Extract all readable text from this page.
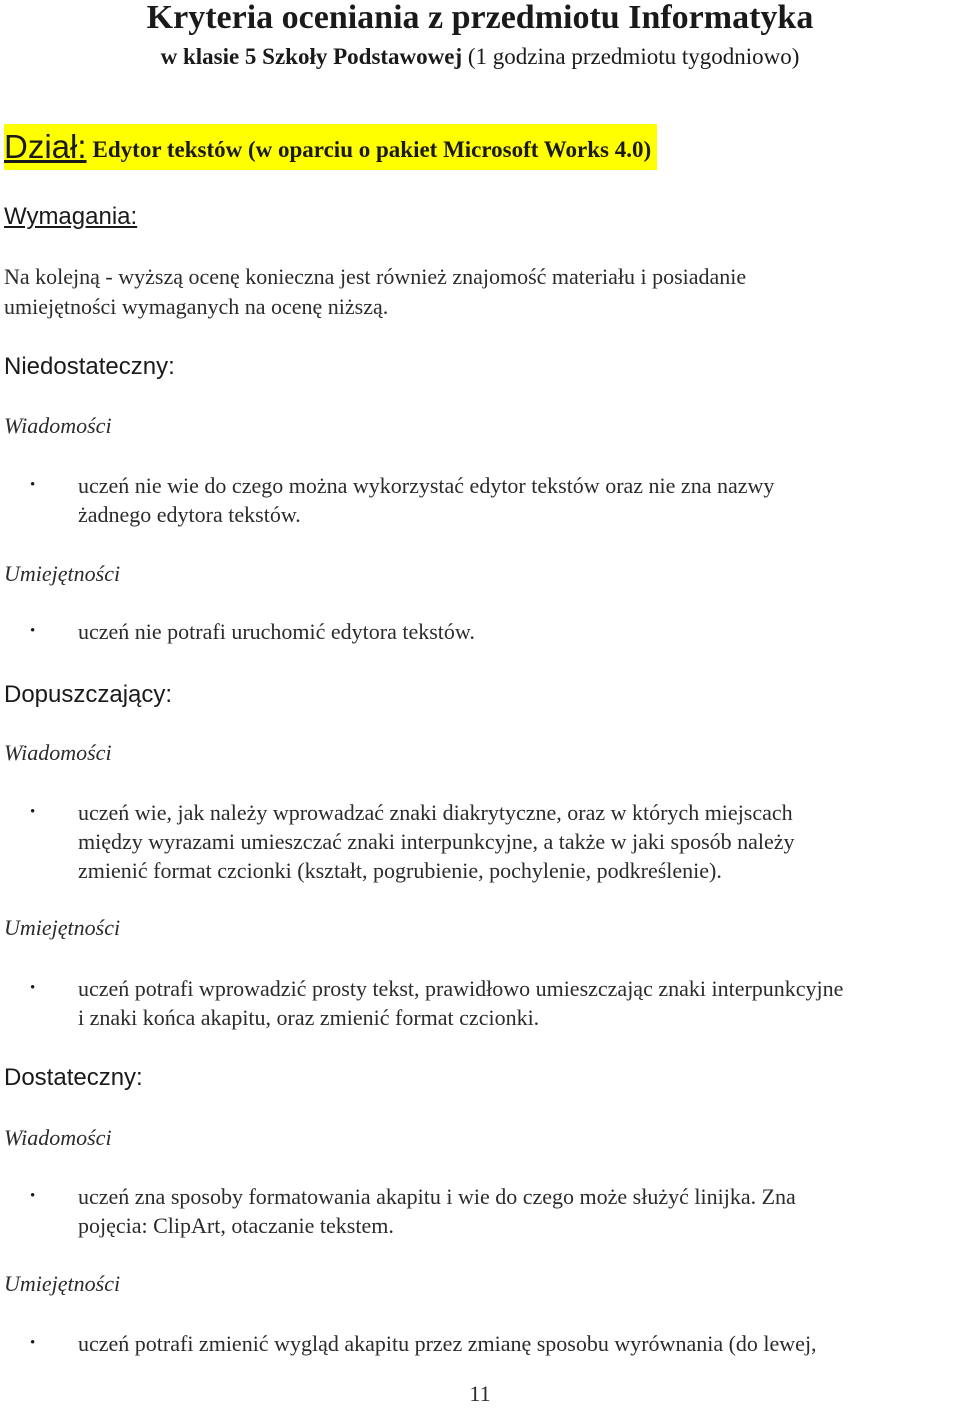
Kryteria oceniania z przedmiotu Informatyka
w klasie 5 Szkoły Podstawowej (1 godzina przedmiotu tygodniowo)
Dział: Edytor tekstów (w oparciu o pakiet Microsoft Works 4.0)
Wymagania:
Na kolejną - wyższą ocenę konieczna jest również znajomość materiału i posiadanie
umiejętności wymaganych na ocenę niższą.
Niedostateczny:
Wiadomości
• uczeń nie wie do czego można wykorzystać edytor tekstów oraz nie zna nazwy
żadnego edytora tekstów.
Umiejętności
• uczeń nie potrafi uruchomić edytora tekstów.
Dopuszczający:
Wiadomości
• uczeń wie, jak należy wprowadzać znaki diakrytyczne, oraz w których miejscach
między wyrazami umieszczać znaki interpunkcyjne, a także w jaki sposób należy
zmienić format czcionki (kształt, pogrubienie, pochylenie, podkreślenie).
Umiejętności
• uczeń potrafi wprowadzić prosty tekst, prawidłowo umieszczając znaki interpunkcyjne
i znaki końca akapitu, oraz zmienić format czcionki.
Dostateczny:
Wiadomości
• uczeń zna sposoby formatowania akapitu i wie do czego może służyć linijka. Zna
pojęcia: ClipArt, otaczanie tekstem.
Umiejętności
• uczeń potrafi zmienić wygląd akapitu przez zmianę sposobu wyrównania (do lewej,
11
